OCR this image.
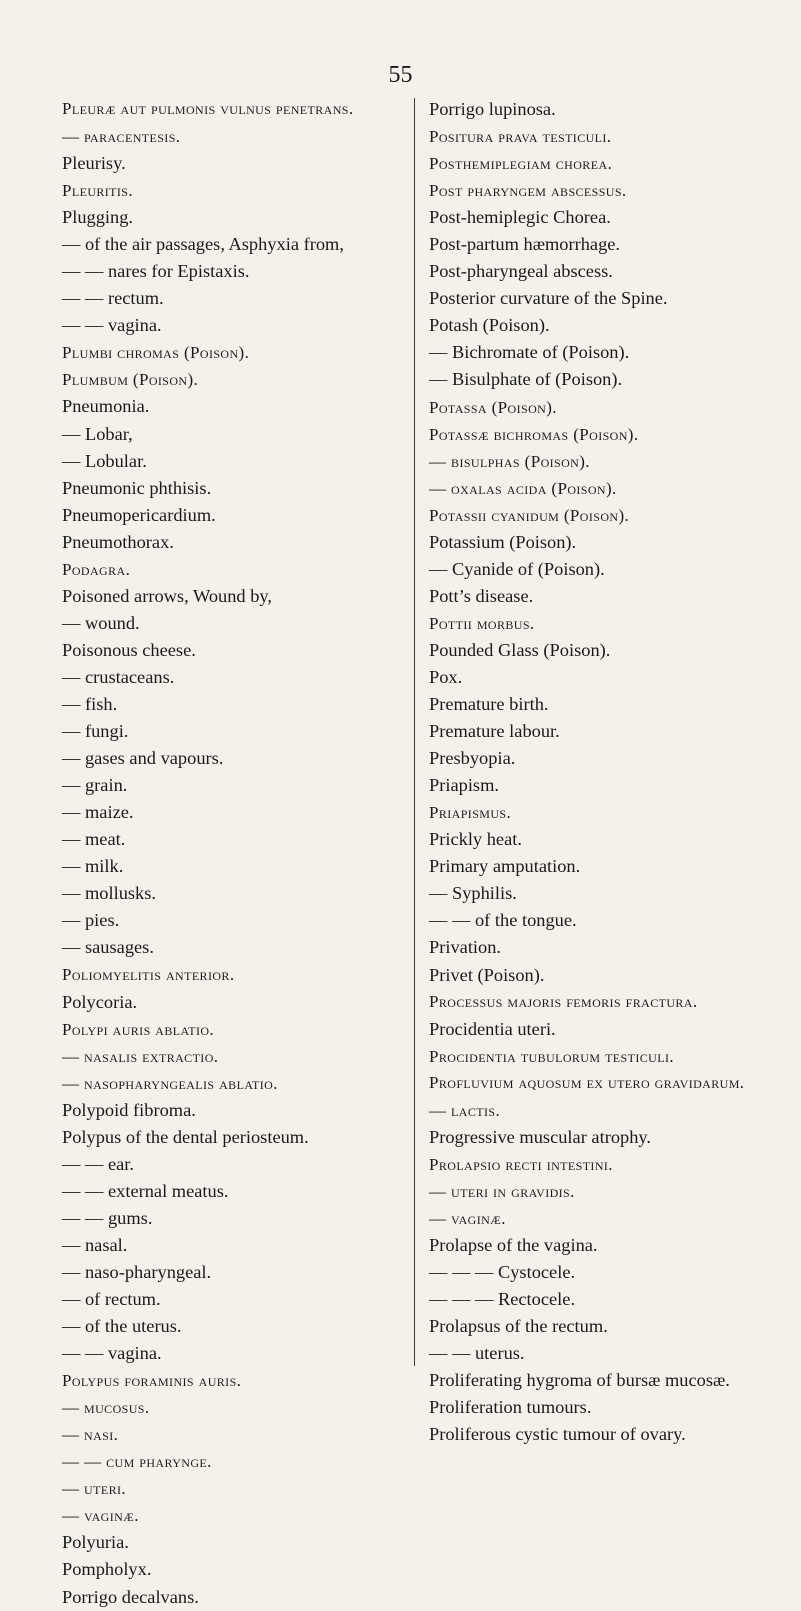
55

Pleuræ aut pulmonis vulnus penetrans.

— paracentesis.

Pleurisy.

Pleuritis.

Plugging.

— of the air passages, Asphyxia from,

— — nares for Epistaxis.

— — rectum.

— — vagina.

Plumbi chromas (Poison).

Plumbum (Poison).

Pneumonia.

— Lobar,

— Lobular.

Pneumonic phthisis.

Pneumopericardium.

Pneumothorax.

Podagra.

Poisoned arrows, Wound by,

— wound.

Poisonous cheese.

— crustaceans.

— fish.

— fungi.

— gases and vapours.

— grain.

— maize.

— meat.

— milk.

— mollusks.

— pies.

— sausages.

Poliomyelitis anterior.

Polycoria.

Polypi auris ablatio.

— nasalis extractio.

— nasopharyngealis ablatio.

Polypoid fibroma.

Polypus of the dental periosteum.

— — ear.

— — external meatus.

— — gums.

— nasal.

— naso-pharyngeal.

— of rectum.

— of the uterus.

— — vagina.

Polypus foraminis auris.

— mucosus.

— nasi.

— — cum pharynge.

— uteri.

— vaginæ.

Polyuria.

Pompholyx.

Porrigo decalvans.

Porrigo lupinosa.

Positura prava testiculi.

Posthemiplegiam chorea.

Post pharyngem abscessus.

Post-hemiplegic Chorea.

Post-partum hæmorrhage.

Post-pharyngeal abscess.

Posterior curvature of the Spine.

Potash (Poison).

— Bichromate of (Poison).

— Bisulphate of (Poison).

Potassa (Poison).

Potassæ bichromas (Poison).

— bisulphas (Poison).

— oxalas acida (Poison).

Potassii cyanidum (Poison).

Potassium (Poison).

— Cyanide of (Poison).

Pott’s disease.

Pottii morbus.

Pounded Glass (Poison).

Pox.

Premature birth.

Premature labour.

Presbyopia.

Priapism.

Priapismus.

Prickly heat.

Primary amputation.

— Syphilis.

— — of the tongue.

Privation.

Privet (Poison).

Processus majoris femoris fractura.

Procidentia uteri.

Procidentia tubulorum testiculi.

Profluvium aquosum ex utero gravidarum.

— lactis.

Progressive muscular atrophy.

Prolapsio recti intestini.

— uteri in gravidis.

— vaginæ.

Prolapse of the vagina.

— — — Cystocele.

— — — Rectocele.

Prolapsus of the rectum.

— — uterus.

Proliferating hygroma of bursæ mucosæ.

Proliferation tumours.

Proliferous cystic tumour of ovary.
